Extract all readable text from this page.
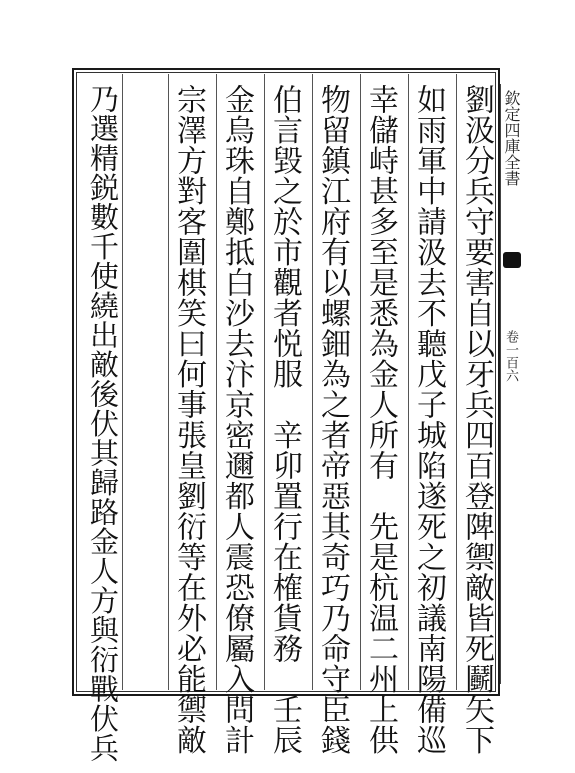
欽定四庫全書
卷一百六
劉汲分兵守要害自以牙兵四百登陴禦敵皆死鬬矢下
如雨軍中請汲去不聽戊子城陷遂死之初議南陽備巡
幸儲峙甚多至是悉為金人所有　先是杭温二州上供
物留鎮江府有以螺鈿為之者帝惡其奇巧乃命守臣錢
伯言毀之於市觀者悦服　辛卯置行在榷貨務　壬辰
金烏珠自鄭抵白沙去汴京密邇都人震恐僚屬入問計
宗澤方對客圍棋笑曰何事張皇劉衍等在外必能禦敵
乃選精鋭數千使繞出敵後伏其歸路金人方與衍戰伏兵
